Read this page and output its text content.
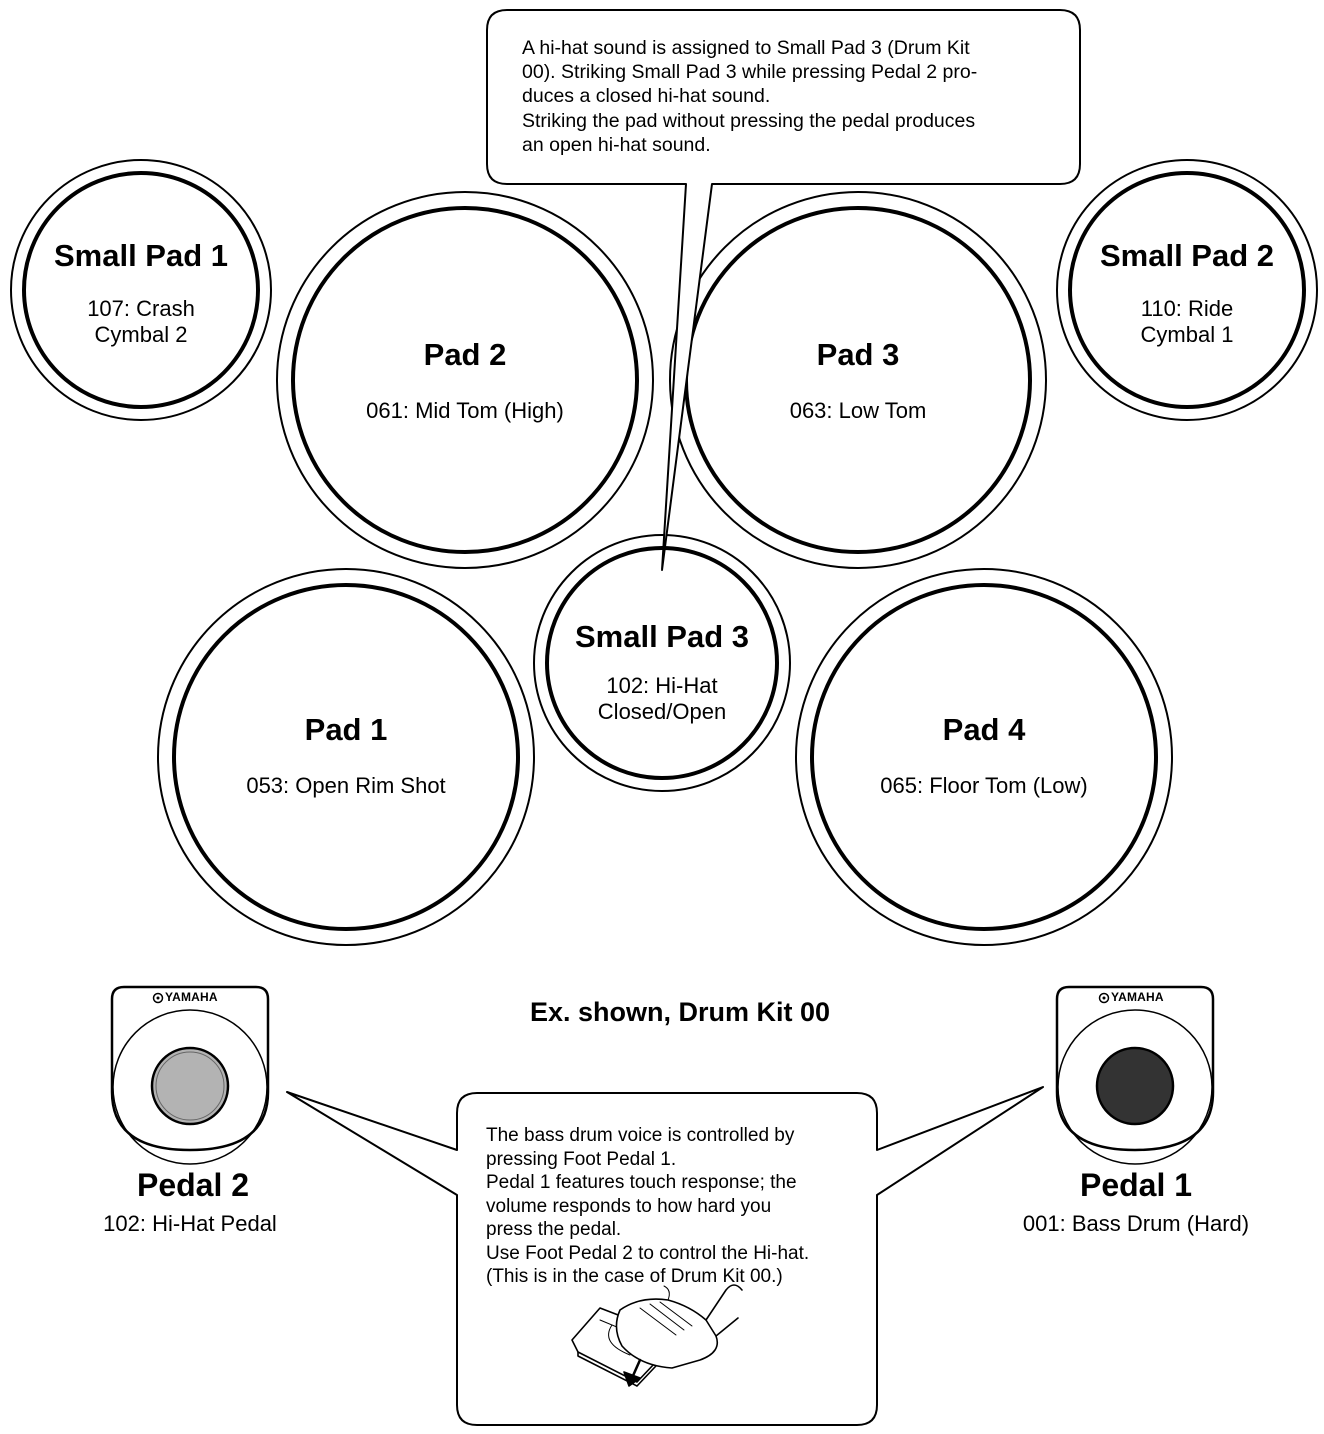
A hi-hat sound is assigned to Small Pad 3 (Drum Kit
00). Striking Small Pad 3 while pressing Pedal 2 pro-
duces a closed hi-hat sound.
Striking the pad without pressing the pedal produces
an open hi-hat sound.
Small Pad 1
107: Crash
Cymbal 2
Small Pad 2
110: Ride
Cymbal 1
Pad 2
061: Mid Tom (High)
Pad 3
063: Low Tom
Small Pad 3
102: Hi-Hat
Closed/Open
Pad 1
053: Open Rim Shot
Pad 4
065: Floor Tom (Low)
Ex. shown, Drum Kit 00
YAMAHA	YAMAHA
Pedal 2
102: Hi-Hat Pedal
Pedal 1
001: Bass Drum (Hard)
The bass drum voice is controlled by
pressing Foot Pedal 1.
Pedal 1 features touch response; the
volume responds to how hard you
press the pedal.
Use Foot Pedal 2 to control the Hi-hat.
(This is in the case of Drum Kit 00.)
